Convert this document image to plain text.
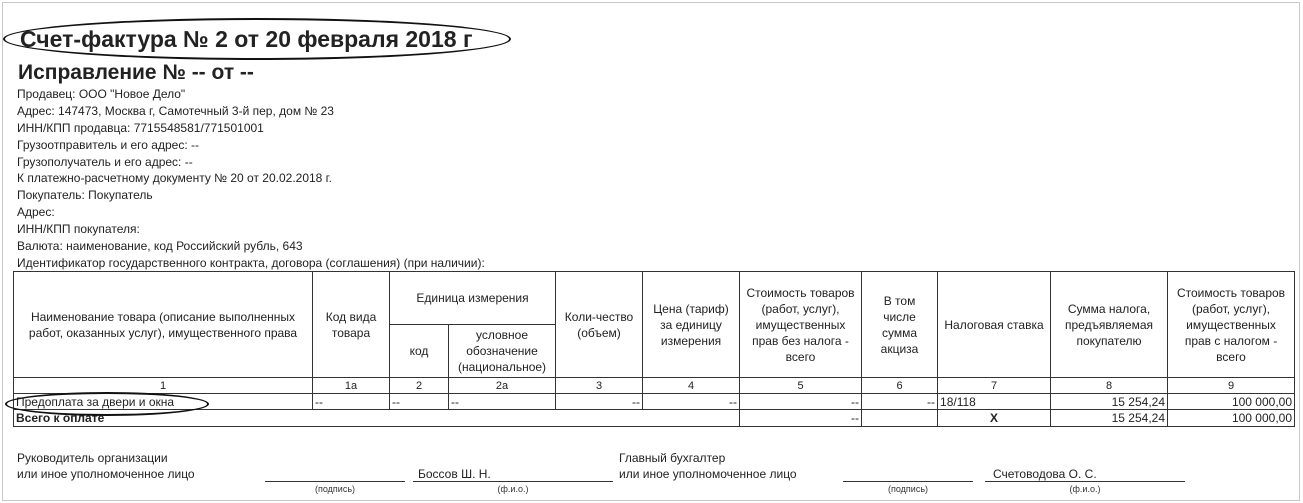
Счет-фактура № 2 от 20 февраля 2018 г
Исправление № -- от --
Продавец: ООО "Новое Дело"
Адрес: 147473, Москва г, Самотечный 3-й пер, дом № 23
ИНН/КПП продавца: 7715548581/771501001
Грузоотправитель и его адрес: --
Грузополучатель и его адрес: --
К платежно-расчетному документу № 20 от 20.02.2018 г.
Покупатель: Покупатель
Адрес:
ИНН/КПП покупателя:
Валюта: наименование, код Российский рубль, 643
Идентификатор государственного контракта, договора (соглашения) (при наличии):
Наименование товара (описание выполненных работ, оказанных услуг), имущественного права	Код вида товара	Единица измерения		Коли-чество (объем)	Цена (тариф) за единицу измерения	Стоимость товаров (работ, услуг), имущественных прав без налога - всего	В том числе сумма акциза	Налоговая ставка	Сумма налога, предъявляемая покупателю	Стоимость товаров (работ, услуг), имущественных прав с налогом - всего
		код	условное обозначение (национальное)							
1	1а	2	2а	3	4	5	6	7	8	9
Предоплата за двери и окна	--	--	--	--	--	--	--	18/118	15 254,24	100 000,00
Всего к оплате						--		X	15 254,24	100 000,00
Руководитель организации
или иное уполномоченное лицо
(подпись)
Боссов Ш. Н.
(ф.и.о.)
Главный бухгалтер
или иное уполномоченное лицо
(подпись)
Счетоводова О. С.
(ф.и.о.)
